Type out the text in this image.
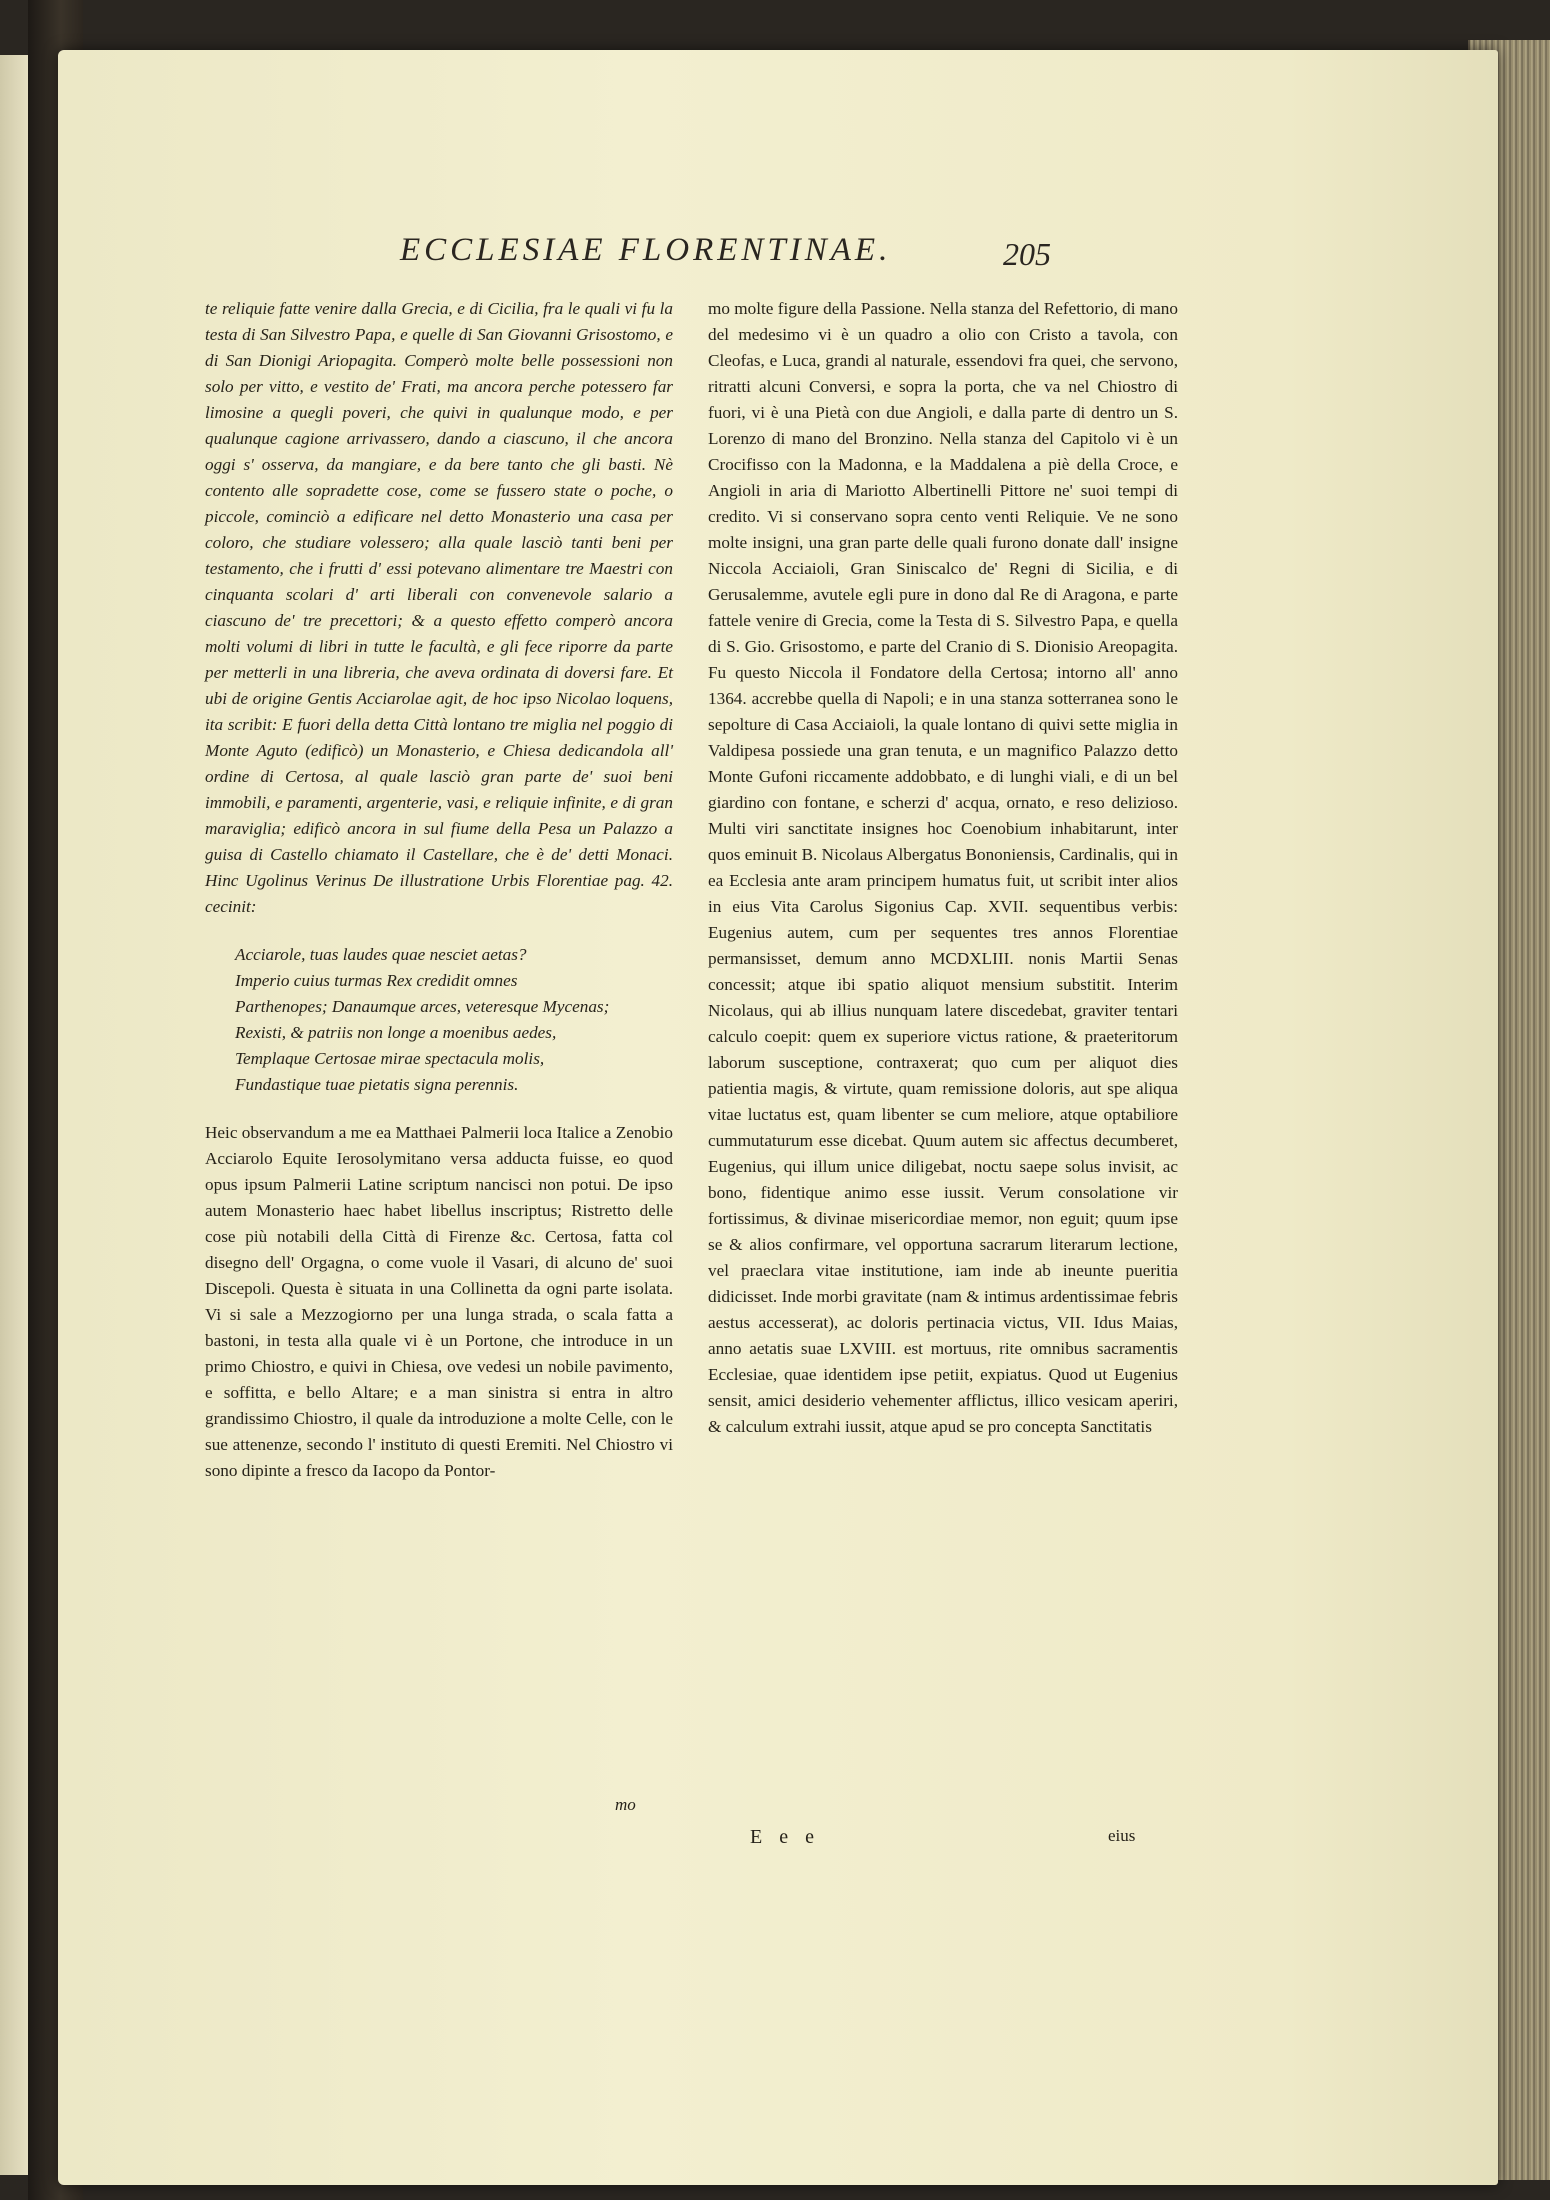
ECCLESIAE FLORENTINAE.	205

te reliquie fatte venire dalla Grecia, e di Cicilia, fra le quali vi fu la testa di San Silvestro Papa, e quelle di San Giovanni Grisostomo, e di San Dionigi Ariopagita. Comperò molte belle possessioni non solo per vitto, e vestito de' Frati, ma ancora perche potessero far limosine a quegli poveri, che quivi in qualunque modo, e per qualunque cagione arrivassero, dando a ciascuno, il che ancora oggi s' osserva, da mangiare, e da bere tanto che gli basti. Nè contento alle sopradette cose, come se fussero state o poche, o piccole, cominciò a edificare nel detto Monasterio una casa per coloro, che studiare volessero; alla quale lasciò tanti beni per testamento, che i frutti d' essi potevano alimentare tre Maestri con cinquanta scolari d' arti liberali con convenevole salario a ciascuno de' tre precettori; & a questo effetto comperò ancora molti volumi di libri in tutte le facultà, e gli fece riporre da parte per metterli in una libreria, che aveva ordinata di doversi fare. Et ubi de origine Gentis Acciarolae agit, de hoc ipso Nicolao loquens, ita scribit: E fuori della detta Città lontano tre miglia nel poggio di Monte Aguto (edificò) un Monasterio, e Chiesa dedicandola all' ordine di Certosa, al quale lasciò gran parte de' suoi beni immobili, e paramenti, argenterie, vasi, e reliquie infinite, e di gran maraviglia; edificò ancora in sul fiume della Pesa un Palazzo a guisa di Castello chiamato il Castellare, che è de' detti Monaci. Hinc Ugolinus Verinus De illustratione Urbis Florentiae pag. 42. cecinit:

Acciarole, tuas laudes quae nesciet aetas?
Imperio cuius turmas Rex credidit omnes
Parthenopes; Danaumque arces, veteresque Mycenas;
Rexisti, & patriis non longe a moenibus aedes,
Templaque Certosae mirae spectacula molis,
Fundastique tuae pietatis signa perennis.

Heic observandum a me ea Matthaei Palmerii loca Italice a Zenobio Acciarolo Equite Ierosolymitano versa adducta fuisse, eo quod opus ipsum Palmerii Latine scriptum nancisci non potui. De ipso autem Monasterio haec habet libellus inscriptus; Ristretto delle cose più notabili della Città di Firenze &c. Certosa, fatta col disegno dell' Orgagna, o come vuole il Vasari, di alcuno de' suoi Discepoli. Questa è situata in una Collinetta da ogni parte isolata. Vi si sale a Mezzogiorno per una lunga strada, o scala fatta a bastoni, in testa alla quale vi è un Portone, che introduce in un primo Chiostro, e quivi in Chiesa, ove vedesi un nobile pavimento, e soffitta, e bello Altare; e a man sinistra si entra in altro grandissimo Chiostro, il quale da introduzione a molte Celle, con le sue attenenze, secondo l' instituto di questi Eremiti. Nel Chiostro vi sono dipinte a fresco da Iacopo da Pontor-

mo

mo molte figure della Passione. Nella stanza del Refettorio, di mano del medesimo vi è un quadro a olio con Cristo a tavola, con Cleofas, e Luca, grandi al naturale, essendovi fra quei, che servono, ritratti alcuni Conversi, e sopra la porta, che va nel Chiostro di fuori, vi è una Pietà con due Angioli, e dalla parte di dentro un S. Lorenzo di mano del Bronzino. Nella stanza del Capitolo vi è un Crocifisso con la Madonna, e la Maddalena a piè della Croce, e Angioli in aria di Mariotto Albertinelli Pittore ne' suoi tempi di credito. Vi si conservano sopra cento venti Reliquie. Ve ne sono molte insigni, una gran parte delle quali furono donate dall' insigne Niccola Acciaioli, Gran Siniscalco de' Regni di Sicilia, e di Gerusalemme, avutele egli pure in dono dal Re di Aragona, e parte fattele venire di Grecia, come la Testa di S. Silvestro Papa, e quella di S. Gio. Grisostomo, e parte del Cranio di S. Dionisio Areopagita. Fu questo Niccola il Fondatore della Certosa; intorno all' anno 1364. accrebbe quella di Napoli; e in una stanza sotterranea sono le sepolture di Casa Acciaioli, la quale lontano di quivi sette miglia in Valdipesa possiede una gran tenuta, e un magnifico Palazzo detto Monte Gufoni riccamente addobbato, e di lunghi viali, e di un bel giardino con fontane, e scherzi d' acqua, ornato, e reso delizioso. Multi viri sanctitate insignes hoc Coenobium inhabitarunt, inter quos eminuit B. Nicolaus Albergatus Bononiensis, Cardinalis, qui in ea Ecclesia ante aram principem humatus fuit, ut scribit inter alios in eius Vita Carolus Sigonius Cap. XVII. sequentibus verbis: Eugenius autem, cum per sequentes tres annos Florentiae permansisset, demum anno MCDXLIII. nonis Martii Senas concessit; atque ibi spatio aliquot mensium substitit. Interim Nicolaus, qui ab illius nunquam latere discedebat, graviter tentari calculo coepit: quem ex superiore victus ratione, & praeteritorum laborum susceptione, contraxerat; quo cum per aliquot dies patientia magis, & virtute, quam remissione doloris, aut spe aliqua vitae luctatus est, quam libenter se cum meliore, atque optabiliore cummutaturum esse dicebat. Quum autem sic affectus decumberet, Eugenius, qui illum unice diligebat, noctu saepe solus invisit, ac bono, fidentique animo esse iussit. Verum consolatione vir fortissimus, & divinae misericordiae memor, non eguit; quum ipse se & alios confirmare, vel opportuna sacrarum literarum lectione, vel praeclara vitae institutione, iam inde ab ineunte pueritia didicisset. Inde morbi gravitate (nam & intimus ardentissimae febris aestus accesserat), ac doloris pertinacia victus, VII. Idus Maias, anno aetatis suae LXVIII. est mortuus, rite omnibus sacramentis Ecclesiae, quae identidem ipse petiit, expiatus. Quod ut Eugenius sensit, amici desiderio vehementer afflictus, illico vesicam aperiri, & calculum extrahi iussit, atque apud se pro concepta Sanctitatis

E e e	eius
